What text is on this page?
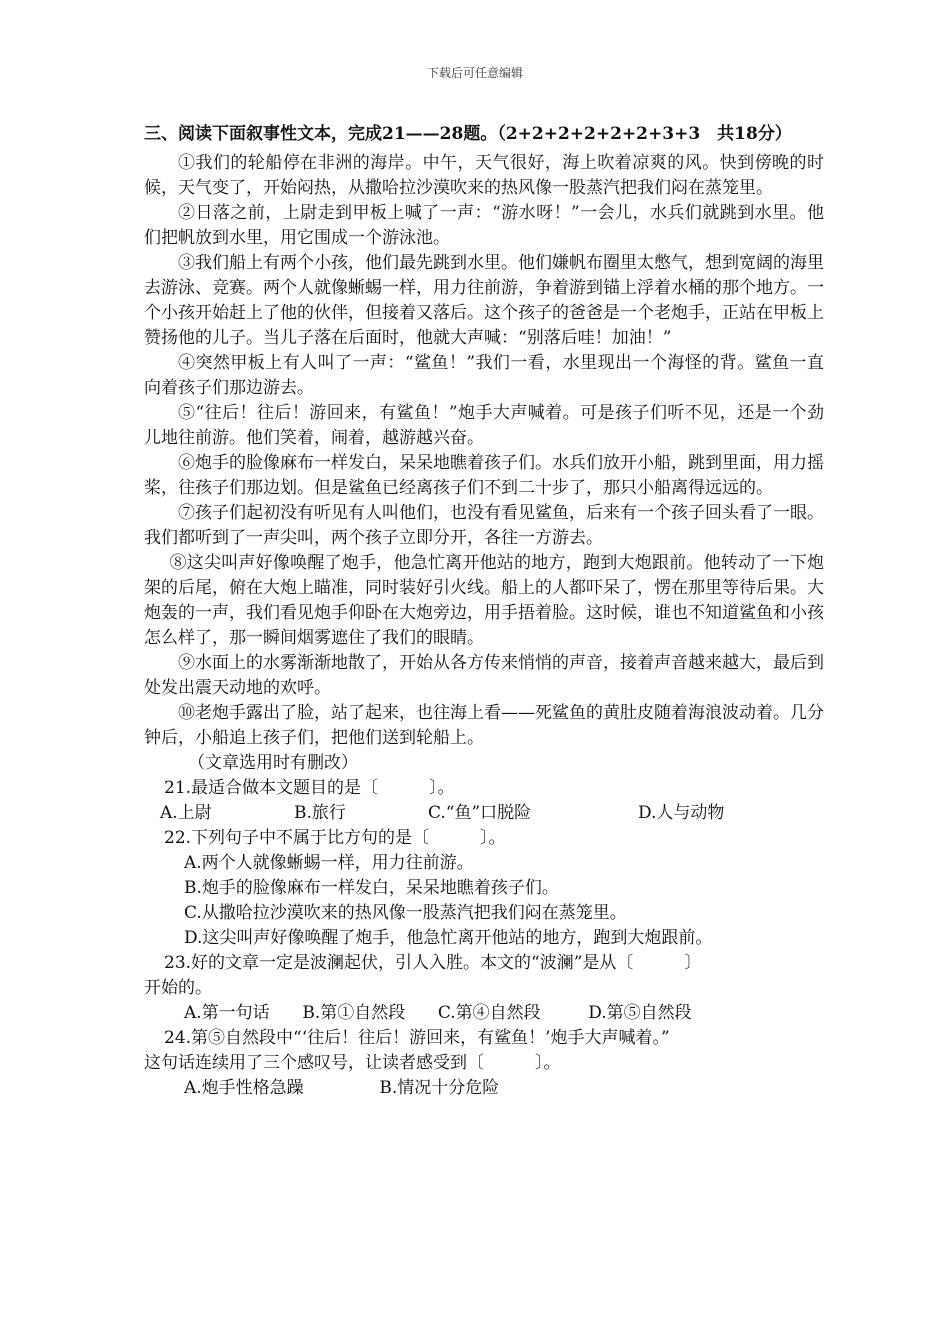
下载后可任意编辑
三、阅读下面叙事性文本，完成21——28题。（2+2+2+2+2+2+3+3　共18分）

①我们的轮船停在非洲的海岸。中午，天气很好，海上吹着凉爽的风。快到傍晚的时候，天气变了，开始闷热，从撒哈拉沙漠吹来的热风像一股蒸汽把我们闷在蒸笼里。

②日落之前，上尉走到甲板上喊了一声：“游水呀！”一会儿，水兵们就跳到水里。他们把帆放到水里，用它围成一个游泳池。

③我们船上有两个小孩，他们最先跳到水里。他们嫌帆布圈里太憋气，想到宽阔的海里去游泳、竞赛。两个人就像蜥蜴一样，用力往前游，争着游到锚上浮着水桶的那个地方。一个小孩开始赶上了他的伙伴，但接着又落后。这个孩子的爸爸是一个老炮手，正站在甲板上赞扬他的儿子。当儿子落在后面时，他就大声喊：“别落后哇！加油！”

④突然甲板上有人叫了一声：“鲨鱼！”我们一看，水里现出一个海怪的背。鲨鱼一直向着孩子们那边游去。

⑤“往后！往后！游回来，有鲨鱼！”炮手大声喊着。可是孩子们听不见，还是一个劲儿地往前游。他们笑着，闹着，越游越兴奋。

⑥炮手的脸像麻布一样发白，呆呆地瞧着孩子们。水兵们放开小船，跳到里面，用力摇桨，往孩子们那边划。但是鲨鱼已经离孩子们不到二十步了，那只小船离得远远的。

⑦孩子们起初没有听见有人叫他们，也没有看见鲨鱼，后来有一个孩子回头看了一眼。我们都听到了一声尖叫，两个孩子立即分开，各往一方游去。

⑧这尖叫声好像唤醒了炮手，他急忙离开他站的地方，跑到大炮跟前。他转动了一下炮架的后尾，俯在大炮上瞄准，同时装好引火线。船上的人都吓呆了，愣在那里等待后果。大炮轰的一声，我们看见炮手仰卧在大炮旁边，用手捂着脸。这时候，谁也不知道鲨鱼和小孩怎么样了，那一瞬间烟雾遮住了我们的眼睛。

⑨水面上的水雾渐渐地散了，开始从各方传来悄悄的声音，接着声音越来越大，最后到处发出震天动地的欢呼。

⑩老炮手露出了脸，站了起来，也往海上看——死鲨鱼的黄肚皮随着海浪波动着。几分钟后，小船追上孩子们，把他们送到轮船上。

（文章选用时有删改）

21.最适合做本文题目的是〔　　　〕。

A.上尉	B.旅行	C.“鱼”口脱险	D.人与动物

22.下列句子中不属于比方句的是〔　　　〕。

A.两个人就像蜥蜴一样，用力往前游。

B.炮手的脸像麻布一样发白，呆呆地瞧着孩子们。

C.从撒哈拉沙漠吹来的热风像一股蒸汽把我们闷在蒸笼里。

D.这尖叫声好像唤醒了炮手，他急忙离开他站的地方，跑到大炮跟前。

23.好的文章一定是波澜起伏，引人入胜。本文的“波澜”是从〔　　　〕

开始的。

A.第一句话 B.第①自然段 C.第④自然段	D.第⑤自然段

24.第⑤自然段中“‘往后！往后！游回来，有鲨鱼！’炮手大声喊着。”

这句话连续用了三个感叹号，让读者感受到〔　　　〕。

A.炮手性格急躁	B.情况十分危险
